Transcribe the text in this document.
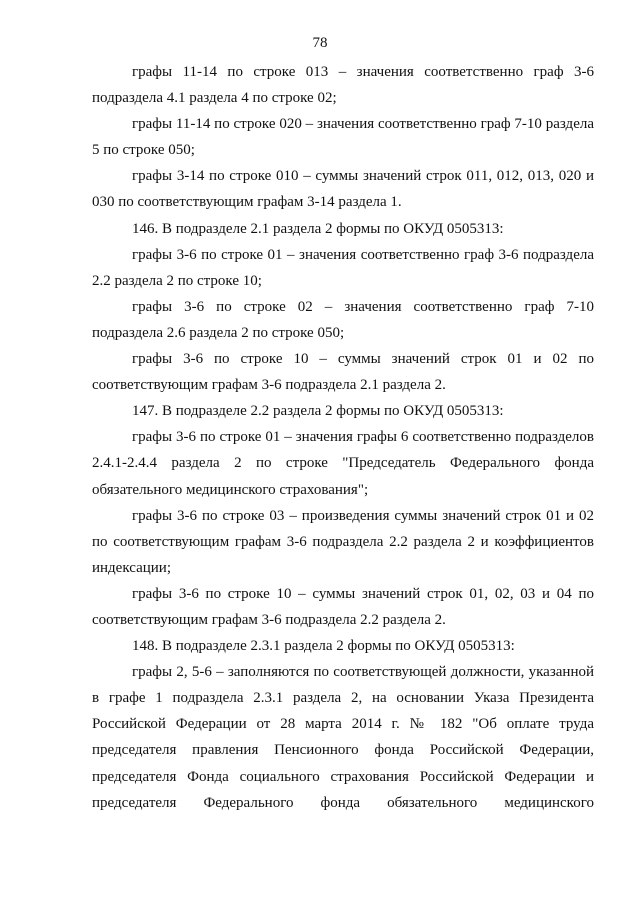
78

графы 11-14 по строке 013 – значения соответственно граф 3-6 подраздела 4.1 раздела 4 по строке 02;

графы 11-14 по строке 020 – значения соответственно граф 7-10 раздела 5 по строке 050;

графы 3-14 по строке 010 – суммы значений строк 011, 012, 013, 020 и 030 по соответствующим графам 3-14 раздела 1.

146. В подразделе 2.1 раздела 2 формы по ОКУД 0505313:

графы 3-6 по строке 01 – значения соответственно граф 3-6 подраздела 2.2 раздела 2 по строке 10;

графы 3-6 по строке 02 – значения соответственно граф 7-10 подраздела 2.6 раздела 2 по строке 050;

графы 3-6 по строке 10 – суммы значений строк 01 и 02 по соответствующим графам 3-6 подраздела 2.1 раздела 2.

147. В подразделе 2.2 раздела 2 формы по ОКУД 0505313:

графы 3-6 по строке 01 – значения графы 6 соответственно подразделов 2.4.1-2.4.4 раздела 2 по строке "Председатель Федерального фонда обязательного медицинского страхования";

графы 3-6 по строке 03 – произведения суммы значений строк 01 и 02 по соответствующим графам 3-6 подраздела 2.2 раздела 2 и коэффициентов индексации;

графы 3-6 по строке 10 – суммы значений строк 01, 02, 03 и 04 по соответствующим графам 3-6 подраздела 2.2 раздела 2.

148. В подразделе 2.3.1 раздела 2 формы по ОКУД 0505313:

графы 2, 5-6 – заполняются по соответствующей должности, указанной в графе 1 подраздела 2.3.1 раздела 2, на основании Указа Президента Российской Федерации от 28 марта 2014 г. № 182 "Об оплате труда председателя правления Пенсионного фонда Российской Федерации, председателя Фонда социального страхования Российской Федерации и председателя Федерального фонда обязательного медицинского
